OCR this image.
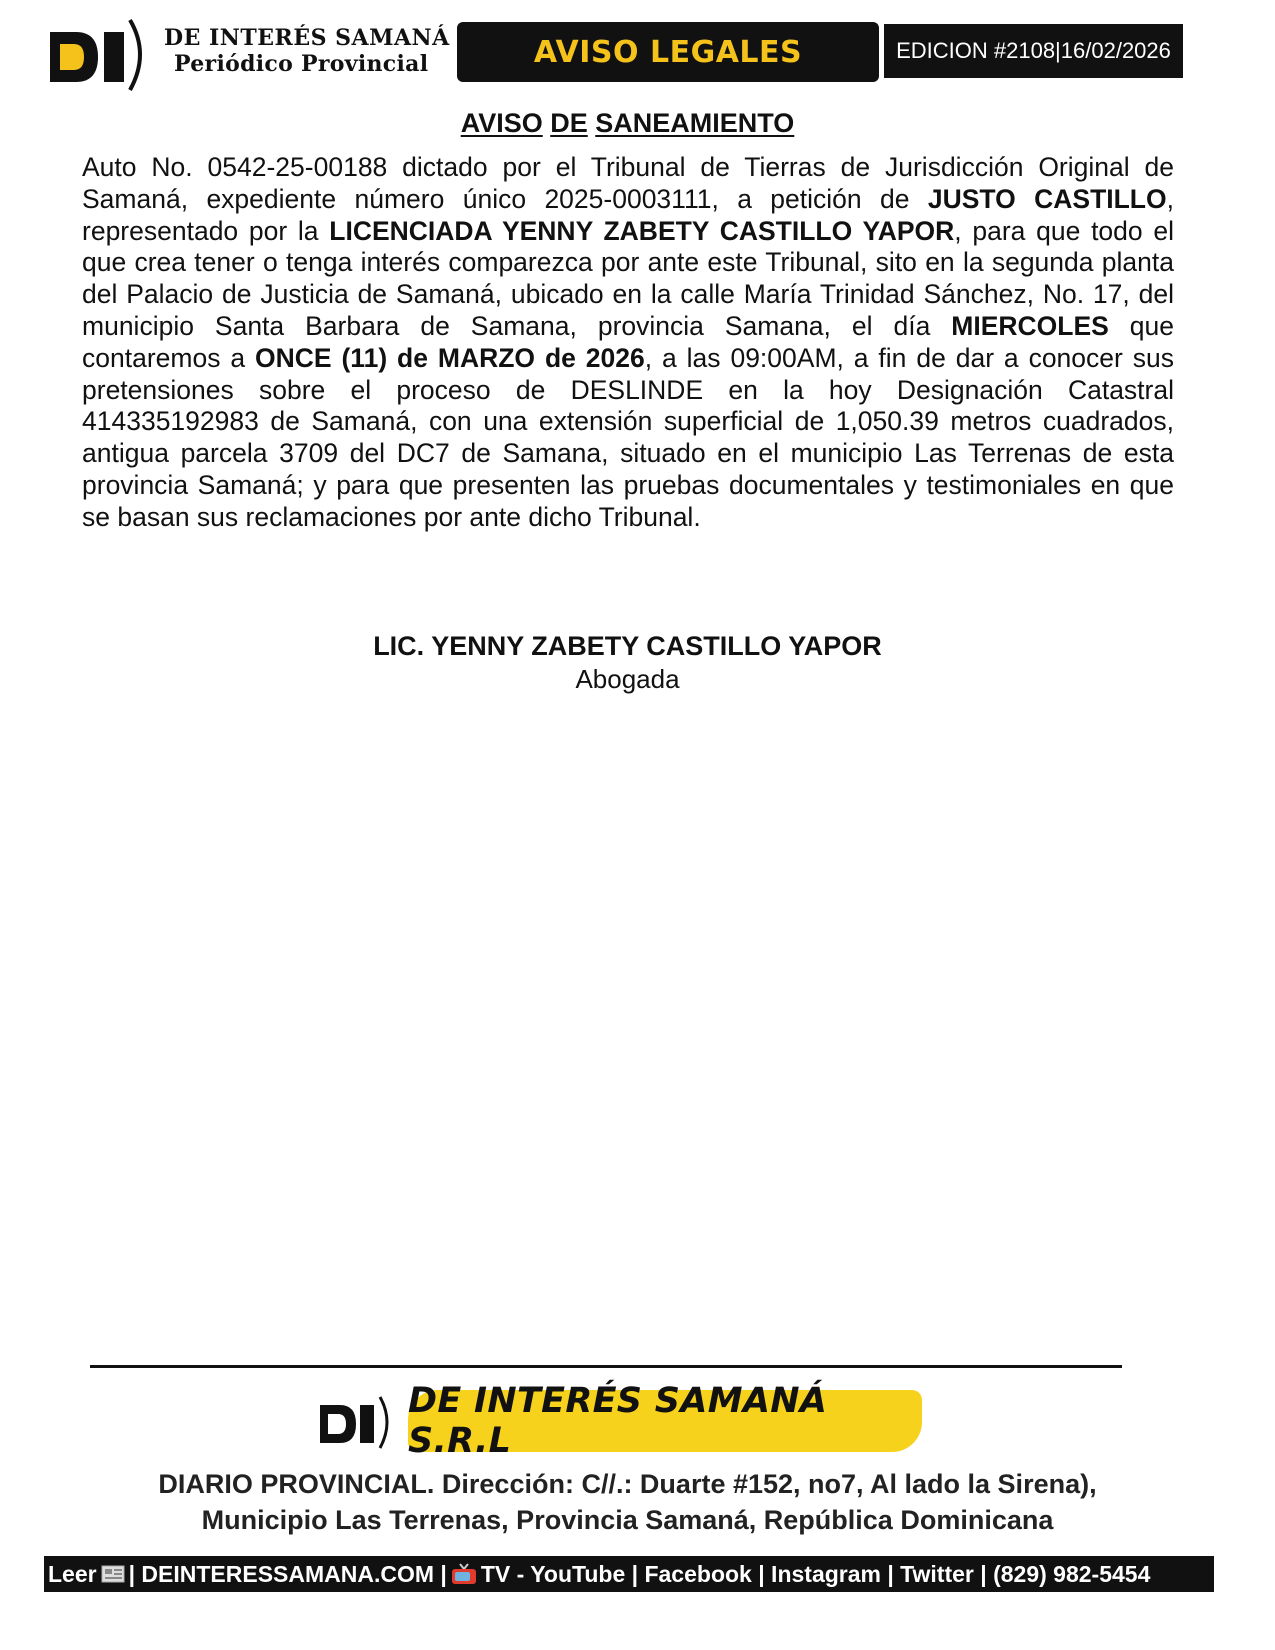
DE INTERÉS SAMANÁ
Periódico Provincial	AVISO LEGALES	EDICION #2108|16/02/2026
AVISO DE SANEAMIENTO
Auto No. 0542-25-00188 dictado por el Tribunal de Tierras de Jurisdicción Original de Samaná, expediente número único 2025-0003111, a petición de JUSTO CASTILLO, representado por la LICENCIADA YENNY ZABETY CASTILLO YAPOR, para que todo el que crea tener o tenga interés comparezca por ante este Tribunal, sito en la segunda planta del Palacio de Justicia de Samaná, ubicado en la calle María Trinidad Sánchez, No. 17, del municipio Santa Barbara de Samana, provincia Samana, el día MIERCOLES que contaremos a ONCE (11) de MARZO de 2026, a las 09:00AM, a fin de dar a conocer sus pretensiones sobre el proceso de DESLINDE en la hoy Designación Catastral 414335192983 de Samaná, con una extensión superficial de 1,050.39 metros cuadrados, antigua parcela 3709 del DC7 de Samana, situado en el municipio Las Terrenas de esta provincia Samaná; y para que presenten las pruebas documentales y testimoniales en que se basan sus reclamaciones por ante dicho Tribunal.
LIC. YENNY ZABETY CASTILLO YAPOR
Abogada
DE INTERÉS SAMANÁ S.R.L
DIARIO PROVINCIAL. Dirección: C//.: Duarte #152, no7, Al lado la Sirena),
Municipio Las Terrenas, Provincia Samaná, República Dominicana
Leer | DEINTERESSAMANA.COM | TV - YouTube | Facebook | Instagram | Twitter | (829) 982-5454
